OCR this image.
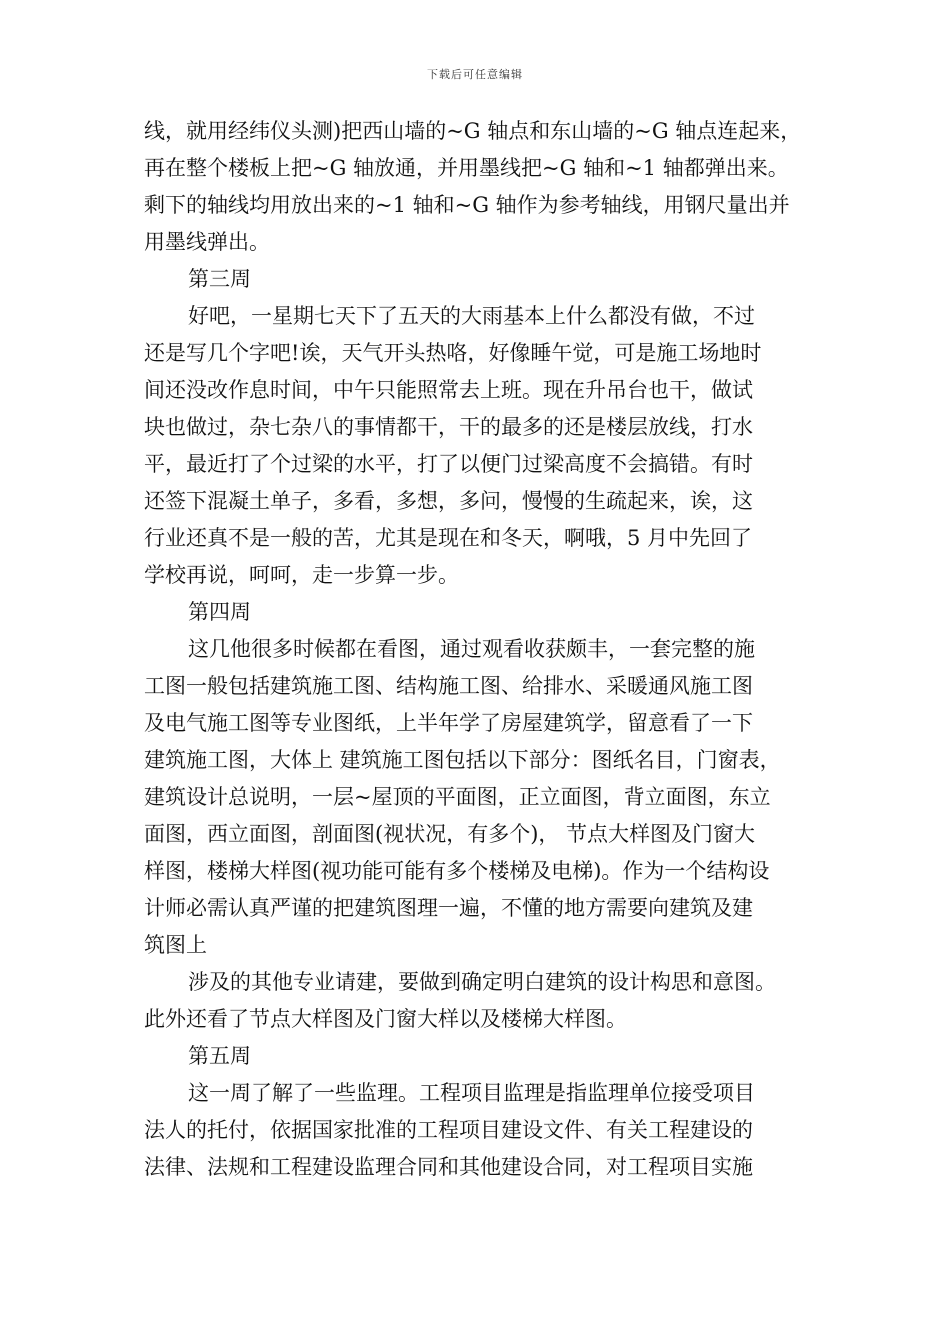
下载后可任意编辑
线，就用经纬仪头测)把西山墙的~G 轴点和东山墙的~G 轴点连起来，
再在整个楼板上把~G 轴放通，并用墨线把~G 轴和~1 轴都弹出来。
剩下的轴线均用放出来的~1 轴和~G 轴作为参考轴线，用钢尺量出并
用墨线弹出。
第三周
好吧，一星期七天下了五天的大雨基本上什么都没有做，不过
还是写几个字吧!诶，天气开头热咯，好像睡午觉，可是施工场地时
间还没改作息时间，中午只能照常去上班。现在升吊台也干，做试
块也做过，杂七杂八的事情都干，干的最多的还是楼层放线，打水
平，最近打了个过梁的水平，打了以便门过梁高度不会搞错。有时
还签下混凝土单子，多看，多想，多问，慢慢的生疏起来，诶，这
行业还真不是一般的苦，尤其是现在和冬天，啊哦，5 月中先回了
学校再说，呵呵，走一步算一步。
第四周
这几他很多时候都在看图，通过观看收获颇丰，一套完整的施
工图一般包括建筑施工图、结构施工图、给排水、采暖通风施工图
及电气施工图等专业图纸，上半年学了房屋建筑学，留意看了一下
建筑施工图，大体上 建筑施工图包括以下部分：图纸名目，门窗表，
建筑设计总说明，一层~屋顶的平面图，正立面图，背立面图，东立
面图，西立面图，剖面图(视状况，有多个)， 节点大样图及门窗大
样图，楼梯大样图(视功能可能有多个楼梯及电梯)。作为一个结构设
计师必需认真严谨的把建筑图理一遍，不懂的地方需要向建筑及建
筑图上
涉及的其他专业请建，要做到确定明白建筑的设计构思和意图。
此外还看了节点大样图及门窗大样以及楼梯大样图。
第五周
这一周了解了一些监理。工程项目监理是指监理单位接受项目
法人的托付，依据国家批准的工程项目建设文件、有关工程建设的
法律、法规和工程建设监理合同和其他建设合同，对工程项目实施
